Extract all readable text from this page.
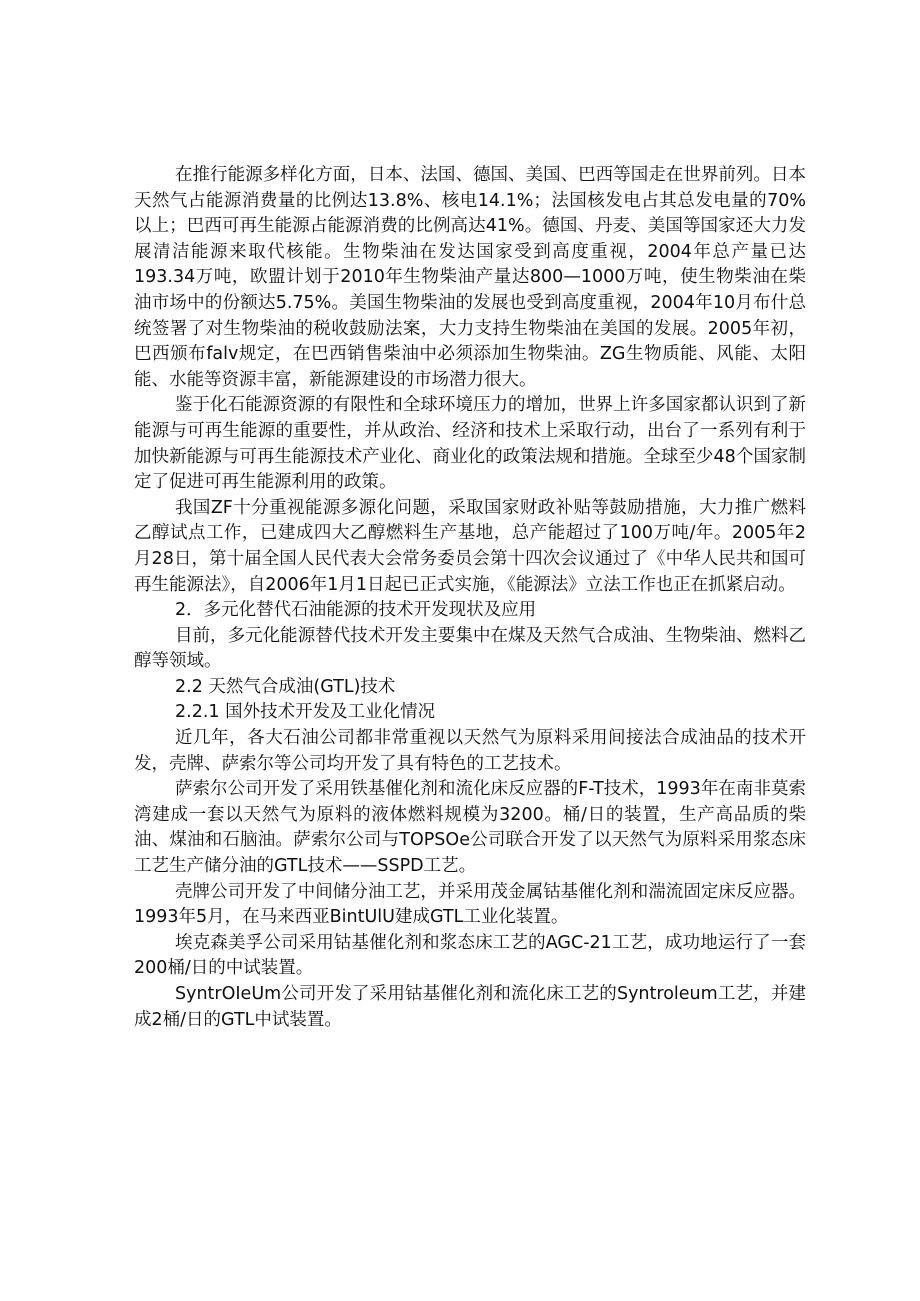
在推行能源多样化方面，日本、法国、德国、美国、巴西等国走在世界前列。日本天然气占能源消费量的比例达13.8%、核电14.1%；法国核发电占其总发电量的70%以上；巴西可再生能源占能源消费的比例高达41%。德国、丹麦、美国等国家还大力发展清洁能源来取代核能。生物柴油在发达国家受到高度重视，2004年总产量已达193.34万吨，欧盟计划于2010年生物柴油产量达800—1000万吨，使生物柴油在柴油市场中的份额达5.75%。美国生物柴油的发展也受到高度重视，2004年10月布什总统签署了对生物柴油的税收鼓励法案，大力支持生物柴油在美国的发展。2005年初，巴西颁布falv规定，在巴西销售柴油中必须添加生物柴油。ZG生物质能、风能、太阳能、水能等资源丰富，新能源建设的市场潜力很大。

鉴于化石能源资源的有限性和全球环境压力的增加，世界上许多国家都认识到了新能源与可再生能源的重要性，并从政治、经济和技术上采取行动，出台了一系列有利于加快新能源与可再生能源技术产业化、商业化的政策法规和措施。全球至少48个国家制定了促进可再生能源利用的政策。

我国ZF十分重视能源多源化问题，采取国家财政补贴等鼓励措施，大力推广燃料乙醇试点工作，已建成四大乙醇燃料生产基地，总产能超过了100万吨/年。2005年2月28日，第十届全国人民代表大会常务委员会第十四次会议通过了《中华人民共和国可再生能源法》，自2006年1月1日起已正式实施，《能源法》立法工作也正在抓紧启动。

2．多元化替代石油能源的技术开发现状及应用

目前，多元化能源替代技术开发主要集中在煤及天然气合成油、生物柴油、燃料乙醇等领域。

2.2 天然气合成油(GTL)技术

2.2.1 国外技术开发及工业化情况

近几年，各大石油公司都非常重视以天然气为原料采用间接法合成油品的技术开发，壳牌、萨索尔等公司均开发了具有特色的工艺技术。

萨索尔公司开发了采用铁基催化剂和流化床反应器的F-T技术，1993年在南非莫索湾建成一套以天然气为原料的液体燃料规模为3200。桶/日的装置，生产高品质的柴油、煤油和石脑油。萨索尔公司与TOPSOe公司联合开发了以天然气为原料采用浆态床工艺生产储分油的GTL技术——SSPD工艺。

壳牌公司开发了中间储分油工艺，并采用茂金属钴基催化剂和湍流固定床反应器。1993年5月，在马来西亚BintUlU建成GTL工业化装置。

埃克森美孚公司采用钴基催化剂和浆态床工艺的AGC-21工艺，成功地运行了一套200桶/日的中试装置。

SyntrOIeUm公司开发了采用钴基催化剂和流化床工艺的Syntroleum工艺，并建成2桶/日的GTL中试装置。
